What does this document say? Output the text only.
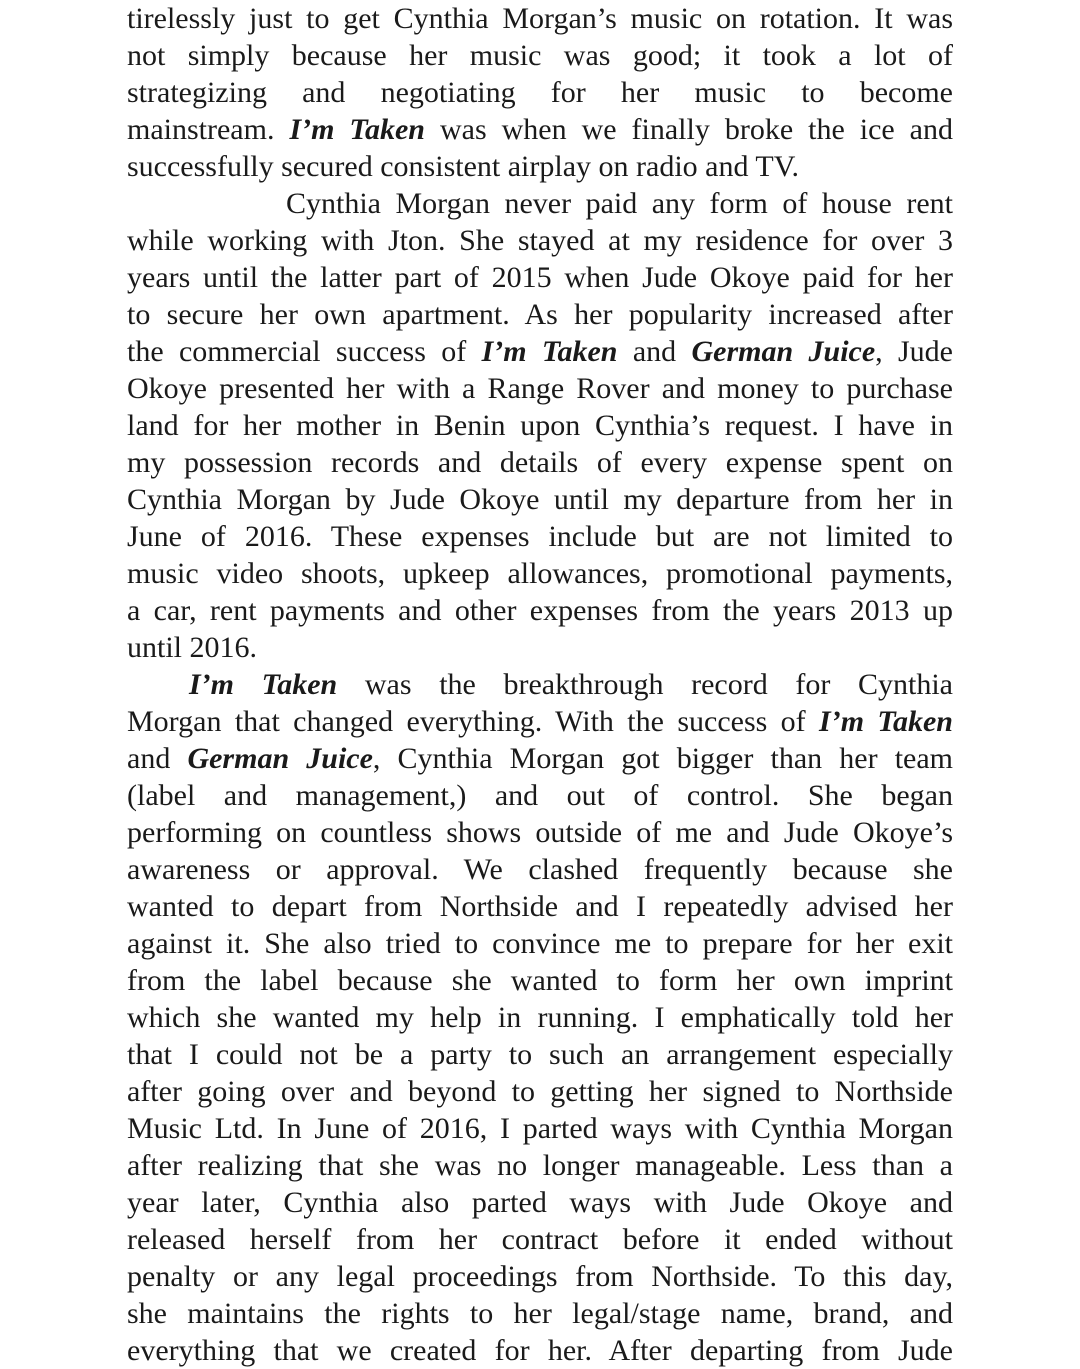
tirelessly just to get Cynthia Morgan’s music on rotation. It was
not simply because her music was good; it took a lot of
strategizing and negotiating for her music to become
mainstream. I’m Taken was when we finally broke the ice and
successfully secured consistent airplay on radio and TV.
Cynthia Morgan never paid any form of house rent
while working with Jton. She stayed at my residence for over 3
years until the latter part of 2015 when Jude Okoye paid for her
to secure her own apartment. As her popularity increased after
the commercial success of I’m Taken and German Juice, Jude
Okoye presented her with a Range Rover and money to purchase
land for her mother in Benin upon Cynthia’s request. I have in
my possession records and details of every expense spent on
Cynthia Morgan by Jude Okoye until my departure from her in
June of 2016. These expenses include but are not limited to
music video shoots, upkeep allowances, promotional payments,
a car, rent payments and other expenses from the years 2013 up
until 2016.
I’m Taken was the breakthrough record for Cynthia
Morgan that changed everything. With the success of I’m Taken
and German Juice, Cynthia Morgan got bigger than her team
(label and management,) and out of control. She began
performing on countless shows outside of me and Jude Okoye’s
awareness or approval. We clashed frequently because she
wanted to depart from Northside and I repeatedly advised her
against it. She also tried to convince me to prepare for her exit
from the label because she wanted to form her own imprint
which she wanted my help in running. I emphatically told her
that I could not be a party to such an arrangement especially
after going over and beyond to getting her signed to Northside
Music Ltd. In June of 2016, I parted ways with Cynthia Morgan
after realizing that she was no longer manageable. Less than a
year later, Cynthia also parted ways with Jude Okoye and
released herself from her contract before it ended without
penalty or any legal proceedings from Northside. To this day,
she maintains the rights to her legal/stage name, brand, and
everything that we created for her. After departing from Jude
